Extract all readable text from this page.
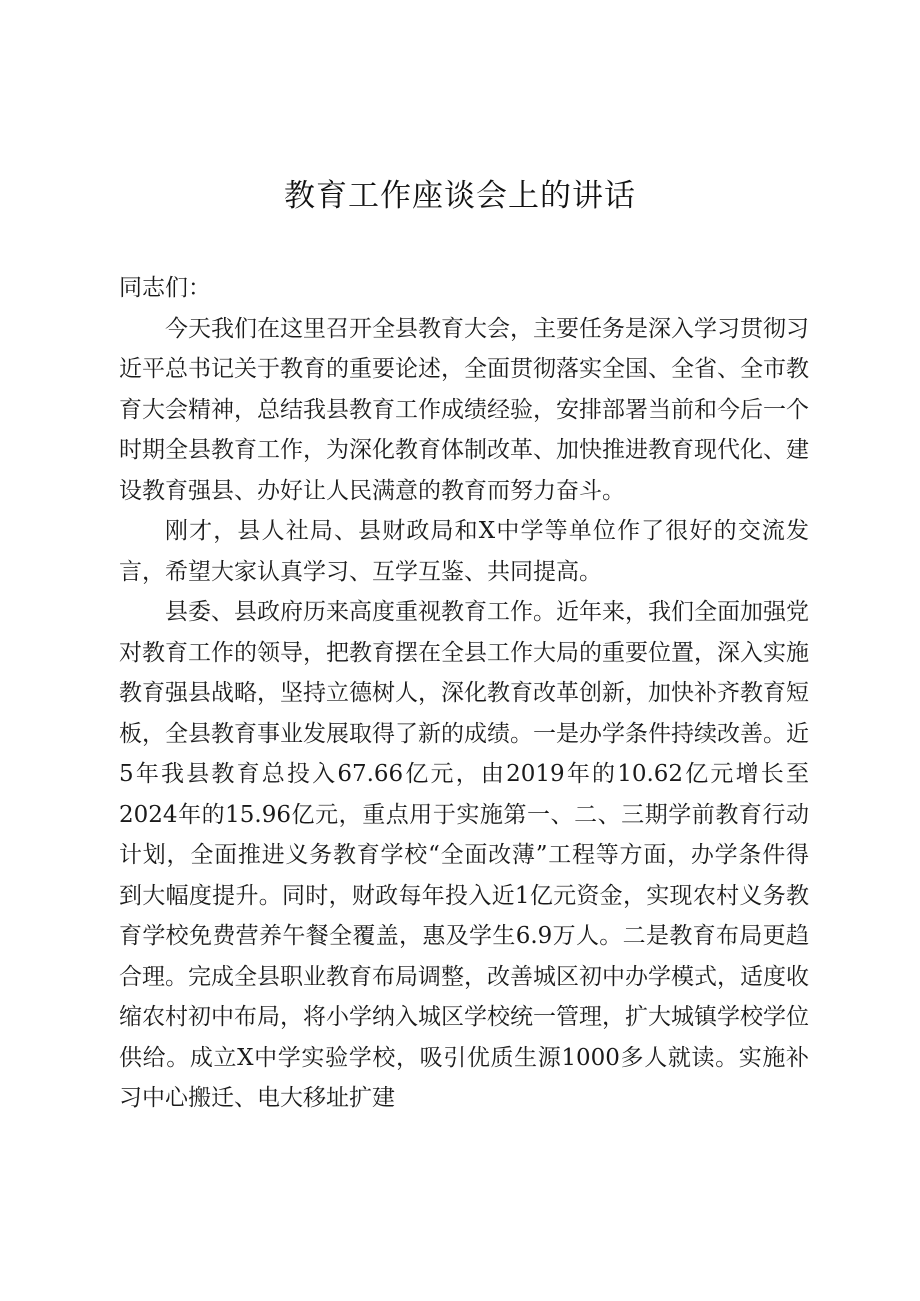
教育工作座谈会上的讲话

同志们：

今天我们在这里召开全县教育大会，主要任务是深入学习贯彻习近平总书记关于教育的重要论述，全面贯彻落实全国、全省、全市教育大会精神，总结我县教育工作成绩经验，安排部署当前和今后一个时期全县教育工作，为深化教育体制改革、加快推进教育现代化、建设教育强县、办好让人民满意的教育而努力奋斗。

刚才，县人社局、县财政局和X中学等单位作了很好的交流发言，希望大家认真学习、互学互鉴、共同提高。

县委、县政府历来高度重视教育工作。近年来，我们全面加强党对教育工作的领导，把教育摆在全县工作大局的重要位置，深入实施教育强县战略，坚持立德树人，深化教育改革创新，加快补齐教育短板，全县教育事业发展取得了新的成绩。一是办学条件持续改善。近5年我县教育总投入67.66亿元，由2019年的10.62亿元增长至2024年的15.96亿元，重点用于实施第一、二、三期学前教育行动计划，全面推进义务教育学校“全面改薄”工程等方面，办学条件得到大幅度提升。同时，财政每年投入近1亿元资金，实现农村义务教育学校免费营养午餐全覆盖，惠及学生6.9万人。二是教育布局更趋合理。完成全县职业教育布局调整，改善城区初中办学模式，适度收缩农村初中布局，将小学纳入城区学校统一管理，扩大城镇学校学位供给。成立X中学实验学校，吸引优质生源1000多人就读。实施补习中心搬迁、电大移址扩建
